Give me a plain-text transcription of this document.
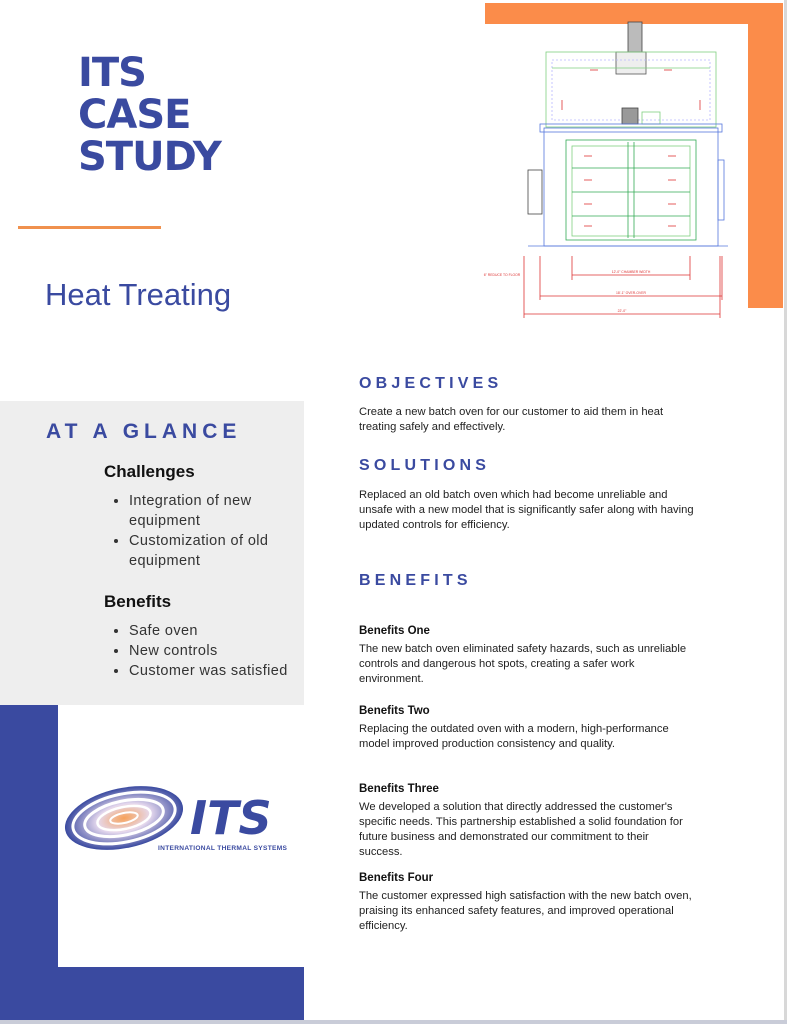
ITS
CASE
STUDY
Heat Treating
6" REDUCE TO FLOOR
12'-0" CHAMBER WIDTH
18'-1" OVER-OVER
22'-0"
AT A GLANCE
Challenges
• Integration of new equipment
• Customization of old equipment
Benefits
• Safe oven
• New controls
• Customer was satisfied
OBJECTIVES
Create a new batch oven for our customer to aid them in heat treating safely and effectively.
SOLUTIONS
Replaced an old batch oven which had become unreliable and unsafe with a new model that is significantly safer along with having updated controls for efficiency.
BENEFITS
Benefits One
The new batch oven eliminated safety hazards, such as unreliable controls and dangerous hot spots, creating a safer work environment.
Benefits Two
Replacing the outdated oven with a modern, high-performance model improved production consistency and quality.
Benefits Three
We developed a solution that directly addressed the customer's specific needs. This partnership established a solid foundation for future business and demonstrated our commitment to their success.
Benefits Four
The customer expressed high satisfaction with the new batch oven, praising its enhanced safety features, and improved operational efficiency.
ITS
INTERNATIONAL THERMAL SYSTEMS
